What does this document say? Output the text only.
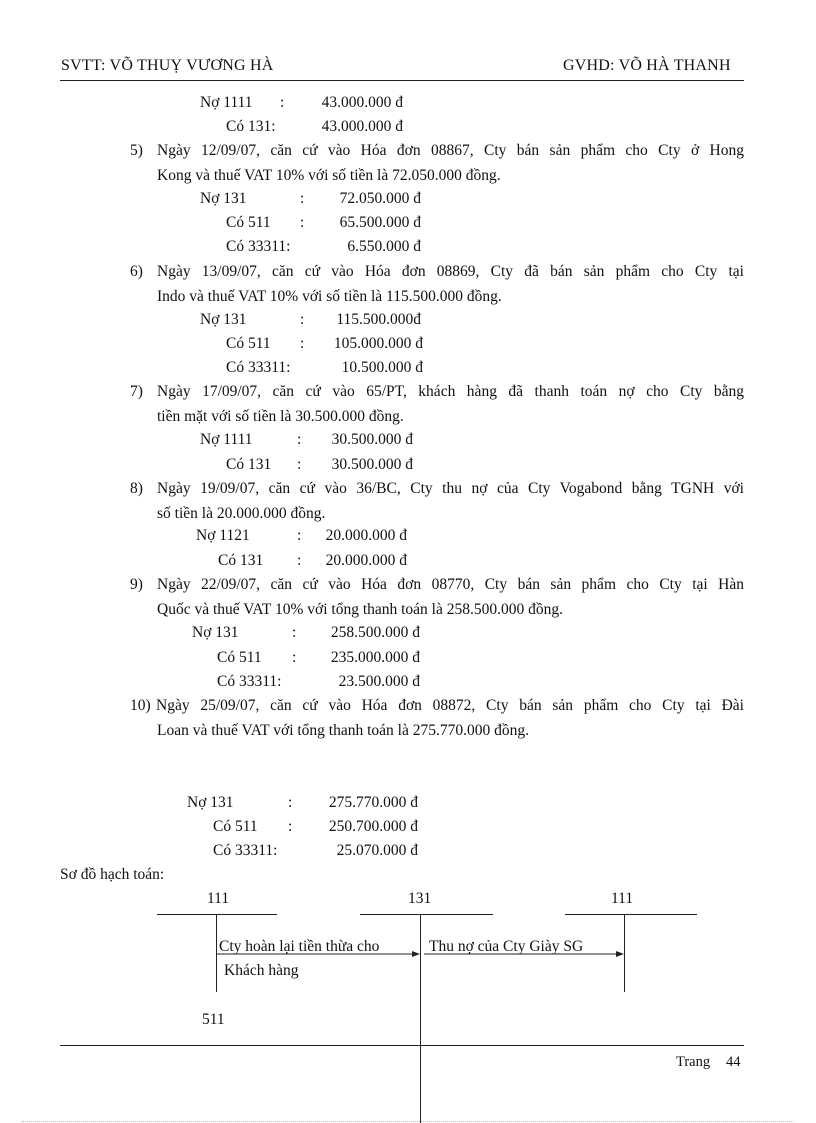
SVTT: VÕ THUỴ VƯƠNG HÀ	GVHD: VÕ HÀ THANH
Nợ 1111 :	43.000.000 đ
Có 131:	43.000.000 đ
5) Ngày 12/09/07, căn cứ vào Hóa đơn 08867, Cty bán sản phẩm cho Cty ở Hong
Kong và thuế VAT 10% với số tiền là 72.050.000 đồng.
Nợ 131	:	72.050.000 đ
Có 511 :	65.500.000 đ
Có 33311:	6.550.000 đ
6) Ngày 13/09/07, căn cứ vào Hóa đơn 08869, Cty đã bán sản phẩm cho Cty tại
Indo và thuế VAT 10% với số tiền là 115.500.000 đồng.
Nợ 131	:	115.500.000đ
Có 511 :	105.000.000 đ
Có 33311:	10.500.000 đ
7) Ngày 17/09/07, căn cứ vào 65/PT, khách hàng đã thanh toán nợ cho Cty bằng
tiền mặt với số tiền là 30.500.000 đồng.
Nợ 1111	:	30.500.000 đ
Có 131 :	30.500.000 đ
8) Ngày 19/09/07, căn cứ vào 36/BC, Cty thu nợ của Cty Vogabond bằng TGNH với
số tiền là 20.000.000 đồng.
Nợ 1121	:	20.000.000 đ
Có 131 :	20.000.000 đ
9) Ngày 22/09/07, căn cứ vào Hóa đơn 08770, Cty bán sản phẩm cho Cty tại Hàn
Quốc và thuế VAT 10% với tổng thanh toán là 258.500.000 đồng.
Nợ 131	:	258.500.000 đ
Có 511 :	235.000.000 đ
Có 33311:	23.500.000 đ
10) Ngày 25/09/07, căn cứ vào Hóa đơn 08872, Cty bán sản phẩm cho Cty tại Đài
Loan và thuế VAT với tổng thanh toán là 275.770.000 đồng.
Nợ 131	:	275.770.000 đ
Có 511 :	250.700.000 đ
Có 33311:	25.070.000 đ
Sơ đồ hạch toán:
111	131	111
Cty hoàn lại tiền thừa cho
Khách hàng
Thu nợ của Cty Giày SG
511
Trang 44
